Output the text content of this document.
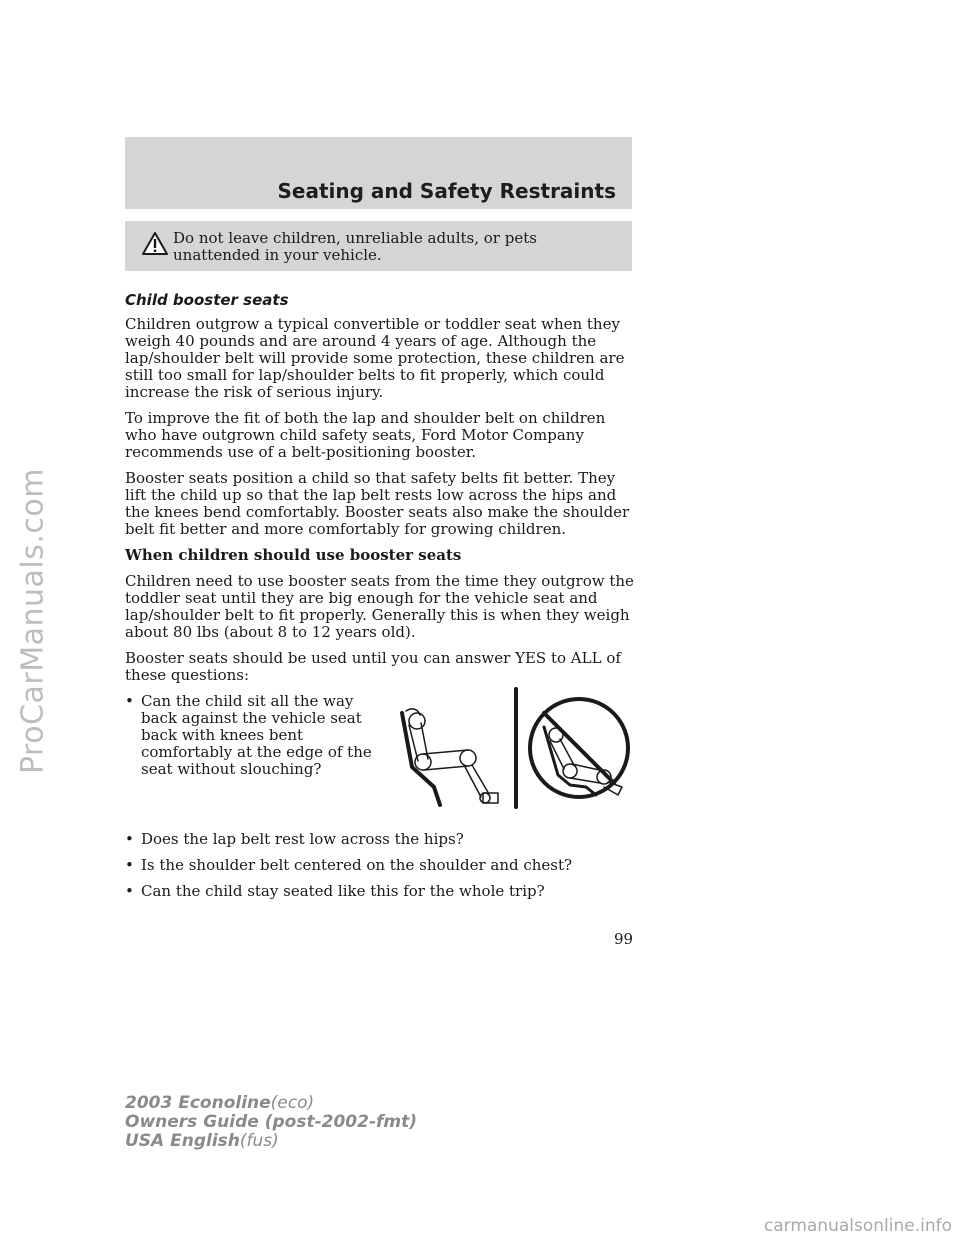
ProCarManuals.com
Seating and Safety Restraints
Do not leave children, unreliable adults, or pets unattended in your vehicle.
Child booster seats

Children outgrow a typical convertible or toddler seat when they weigh 40 pounds and are around 4 years of age. Although the lap/shoulder belt will provide some protection, these children are still too small for lap/shoulder belts to fit properly, which could increase the risk of serious injury.

To improve the fit of both the lap and shoulder belt on children who have outgrown child safety seats, Ford Motor Company recommends use of a belt-positioning booster.

Booster seats position a child so that safety belts fit better. They lift the child up so that the lap belt rests low across the hips and the knees bend comfortably. Booster seats also make the shoulder belt fit better and more comfortably for growing children.

When children should use booster seats

Children need to use booster seats from the time they outgrow the toddler seat until they are big enough for the vehicle seat and lap/shoulder belt to fit properly. Generally this is when they weigh about 80 lbs (about 8 to 12 years old).

Booster seats should be used until you can answer YES to ALL of these questions:

• Can the child sit all the way back against the vehicle seat back with knees bent comfortably at the edge of the seat without slouching?
• Does the lap belt rest low across the hips?
• Is the shoulder belt centered on the shoulder and chest?
• Can the child stay seated like this for the whole trip?
99
2003 Econoline(eco)
Owners Guide (post-2002-fmt)
USA English(fus)
carmanualsonline.info
